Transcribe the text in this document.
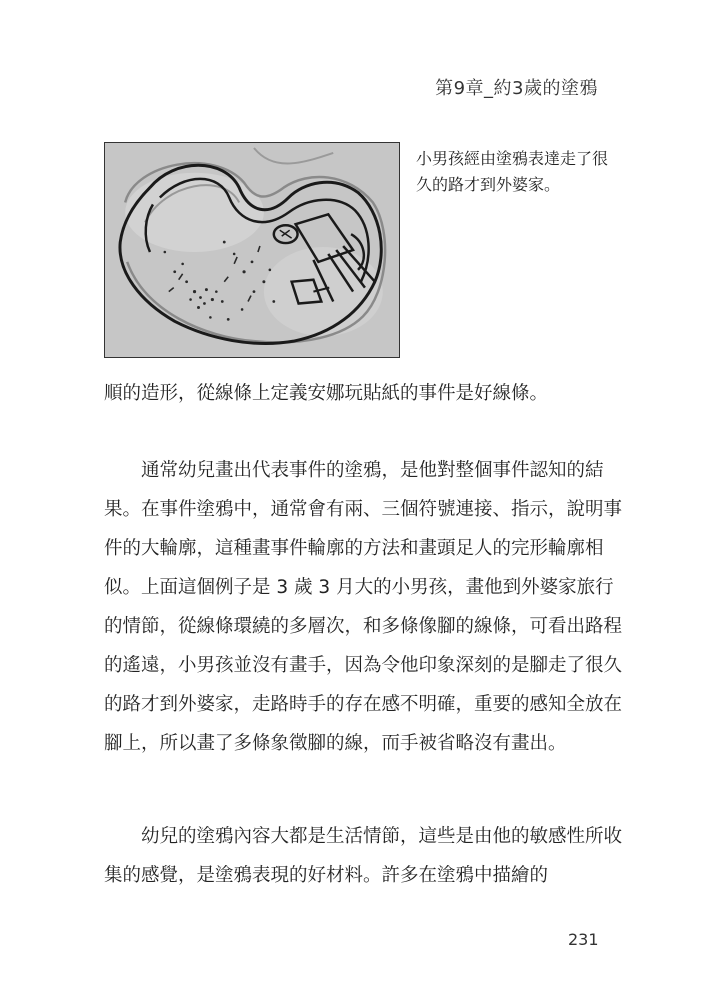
第9章_約3歲的塗鴉
小男孩經由塗鴉表達走了很久的路才到外婆家。

順的造形，從線條上定義安娜玩貼紙的事件是好線條。

通常幼兒畫出代表事件的塗鴉，是他對整個事件認知的結果。在事件塗鴉中，通常會有兩、三個符號連接、指示，說明事件的大輪廓，這種畫事件輪廓的方法和畫頭足人的完形輪廓相似。上面這個例子是 3 歲 3 月大的小男孩，畫他到外婆家旅行的情節，從線條環繞的多層次，和多條像腳的線條，可看出路程的遙遠，小男孩並沒有畫手，因為令他印象深刻的是腳走了很久的路才到外婆家，走路時手的存在感不明確，重要的感知全放在腳上，所以畫了多條象徵腳的線，而手被省略沒有畫出。

幼兒的塗鴉內容大都是生活情節，這些是由他的敏感性所收集的感覺，是塗鴉表現的好材料。許多在塗鴉中描繪的

231
